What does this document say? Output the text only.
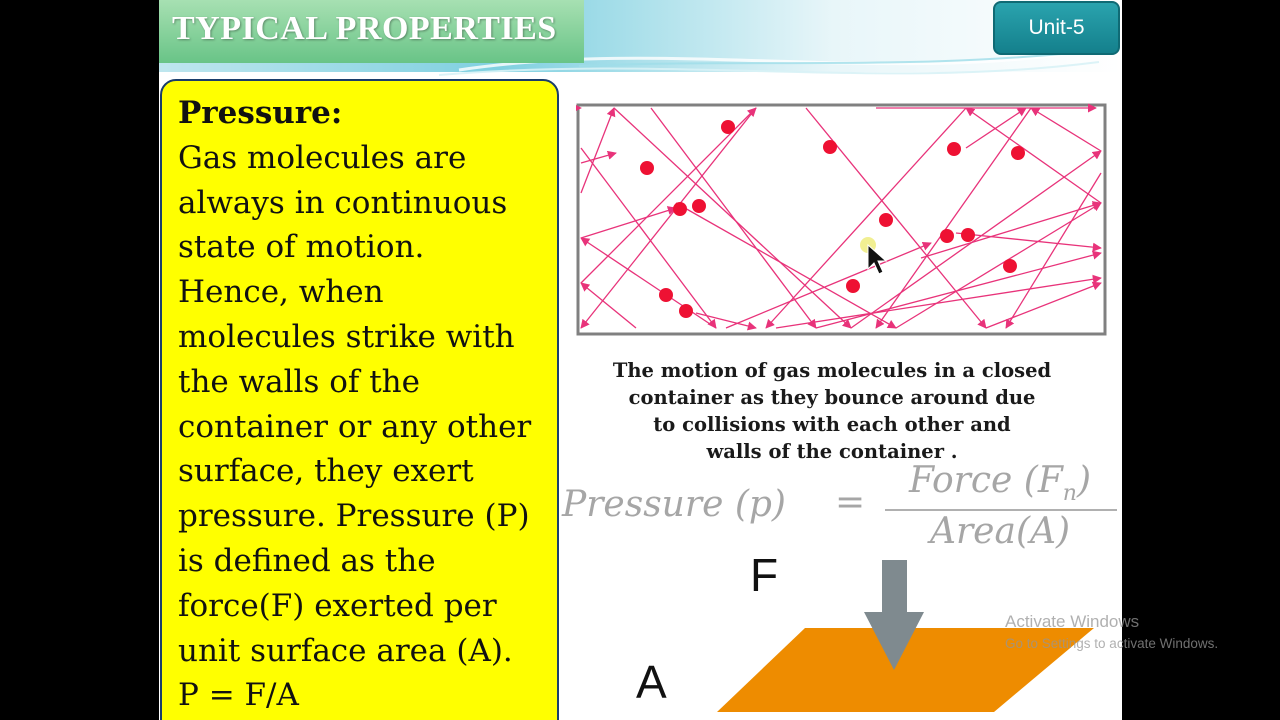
TYPICAL PROPERTIES	Unit-5
Pressure:
Gas molecules are
always in continuous
state of motion.
Hence, when
molecules strike with
the walls of the
container or any other
surface, they exert
pressure. Pressure (P)
is defined as the
force(F) exerted per
unit surface area (A).
P = F/A
The motion of gas molecules in a closed
container as they bounce around due
to collisions with each other and
walls of the container .
Pressure (p) =
Force $(F_n)$
Area(A)
F
A
Activate Windows
Go to Settings to activate Windows.
